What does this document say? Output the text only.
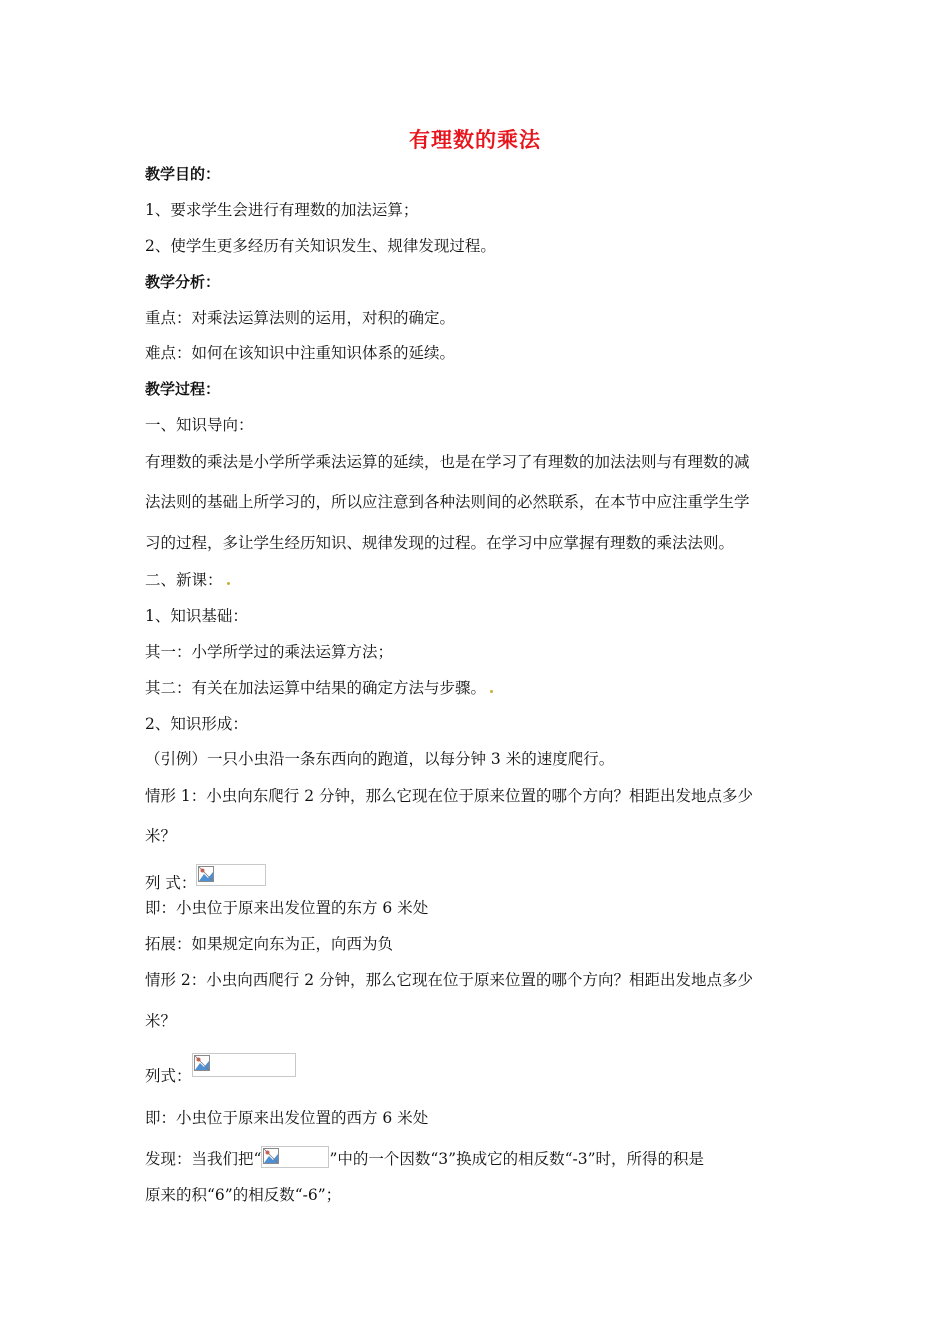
有理数的乘法
教学目的：
1、要求学生会进行有理数的加法运算；
2、使学生更多经历有关知识发生、规律发现过程。
教学分析：
重点：对乘法运算法则的运用，对积的确定。
难点：如何在该知识中注重知识体系的延续。
教学过程：
一、知识导向：
有理数的乘法是小学所学乘法运算的延续，也是在学习了有理数的加法法则与有理数的减
法法则的基础上所学习的，所以应注意到各种法则间的必然联系，在本节中应注重学生学
习的过程，多让学生经历知识、规律发现的过程。在学习中应掌握有理数的乘法法则。
二、新课：
1、知识基础：
其一：小学所学过的乘法运算方法；
其二：有关在加法运算中结果的确定方法与步骤。
2、知识形成：
（引例）一只小虫沿一条东西向的跑道，以每分钟 3 米的速度爬行。
情形 1：小虫向东爬行 2 分钟，那么它现在位于原来位置的哪个方向？相距出发地点多少
米？
列 式：
即：小虫位于原来出发位置的东方 6 米处
拓展：如果规定向东为正，向西为负
情形 2：小虫向西爬行 2 分钟，那么它现在位于原来位置的哪个方向？相距出发地点多少
米？
列式：
即：小虫位于原来出发位置的西方 6 米处
发现：当我们把“	”中的一个因数“3”换成它的相反数“-3”时，所得的积是
原来的积“6”的相反数“-6”；
